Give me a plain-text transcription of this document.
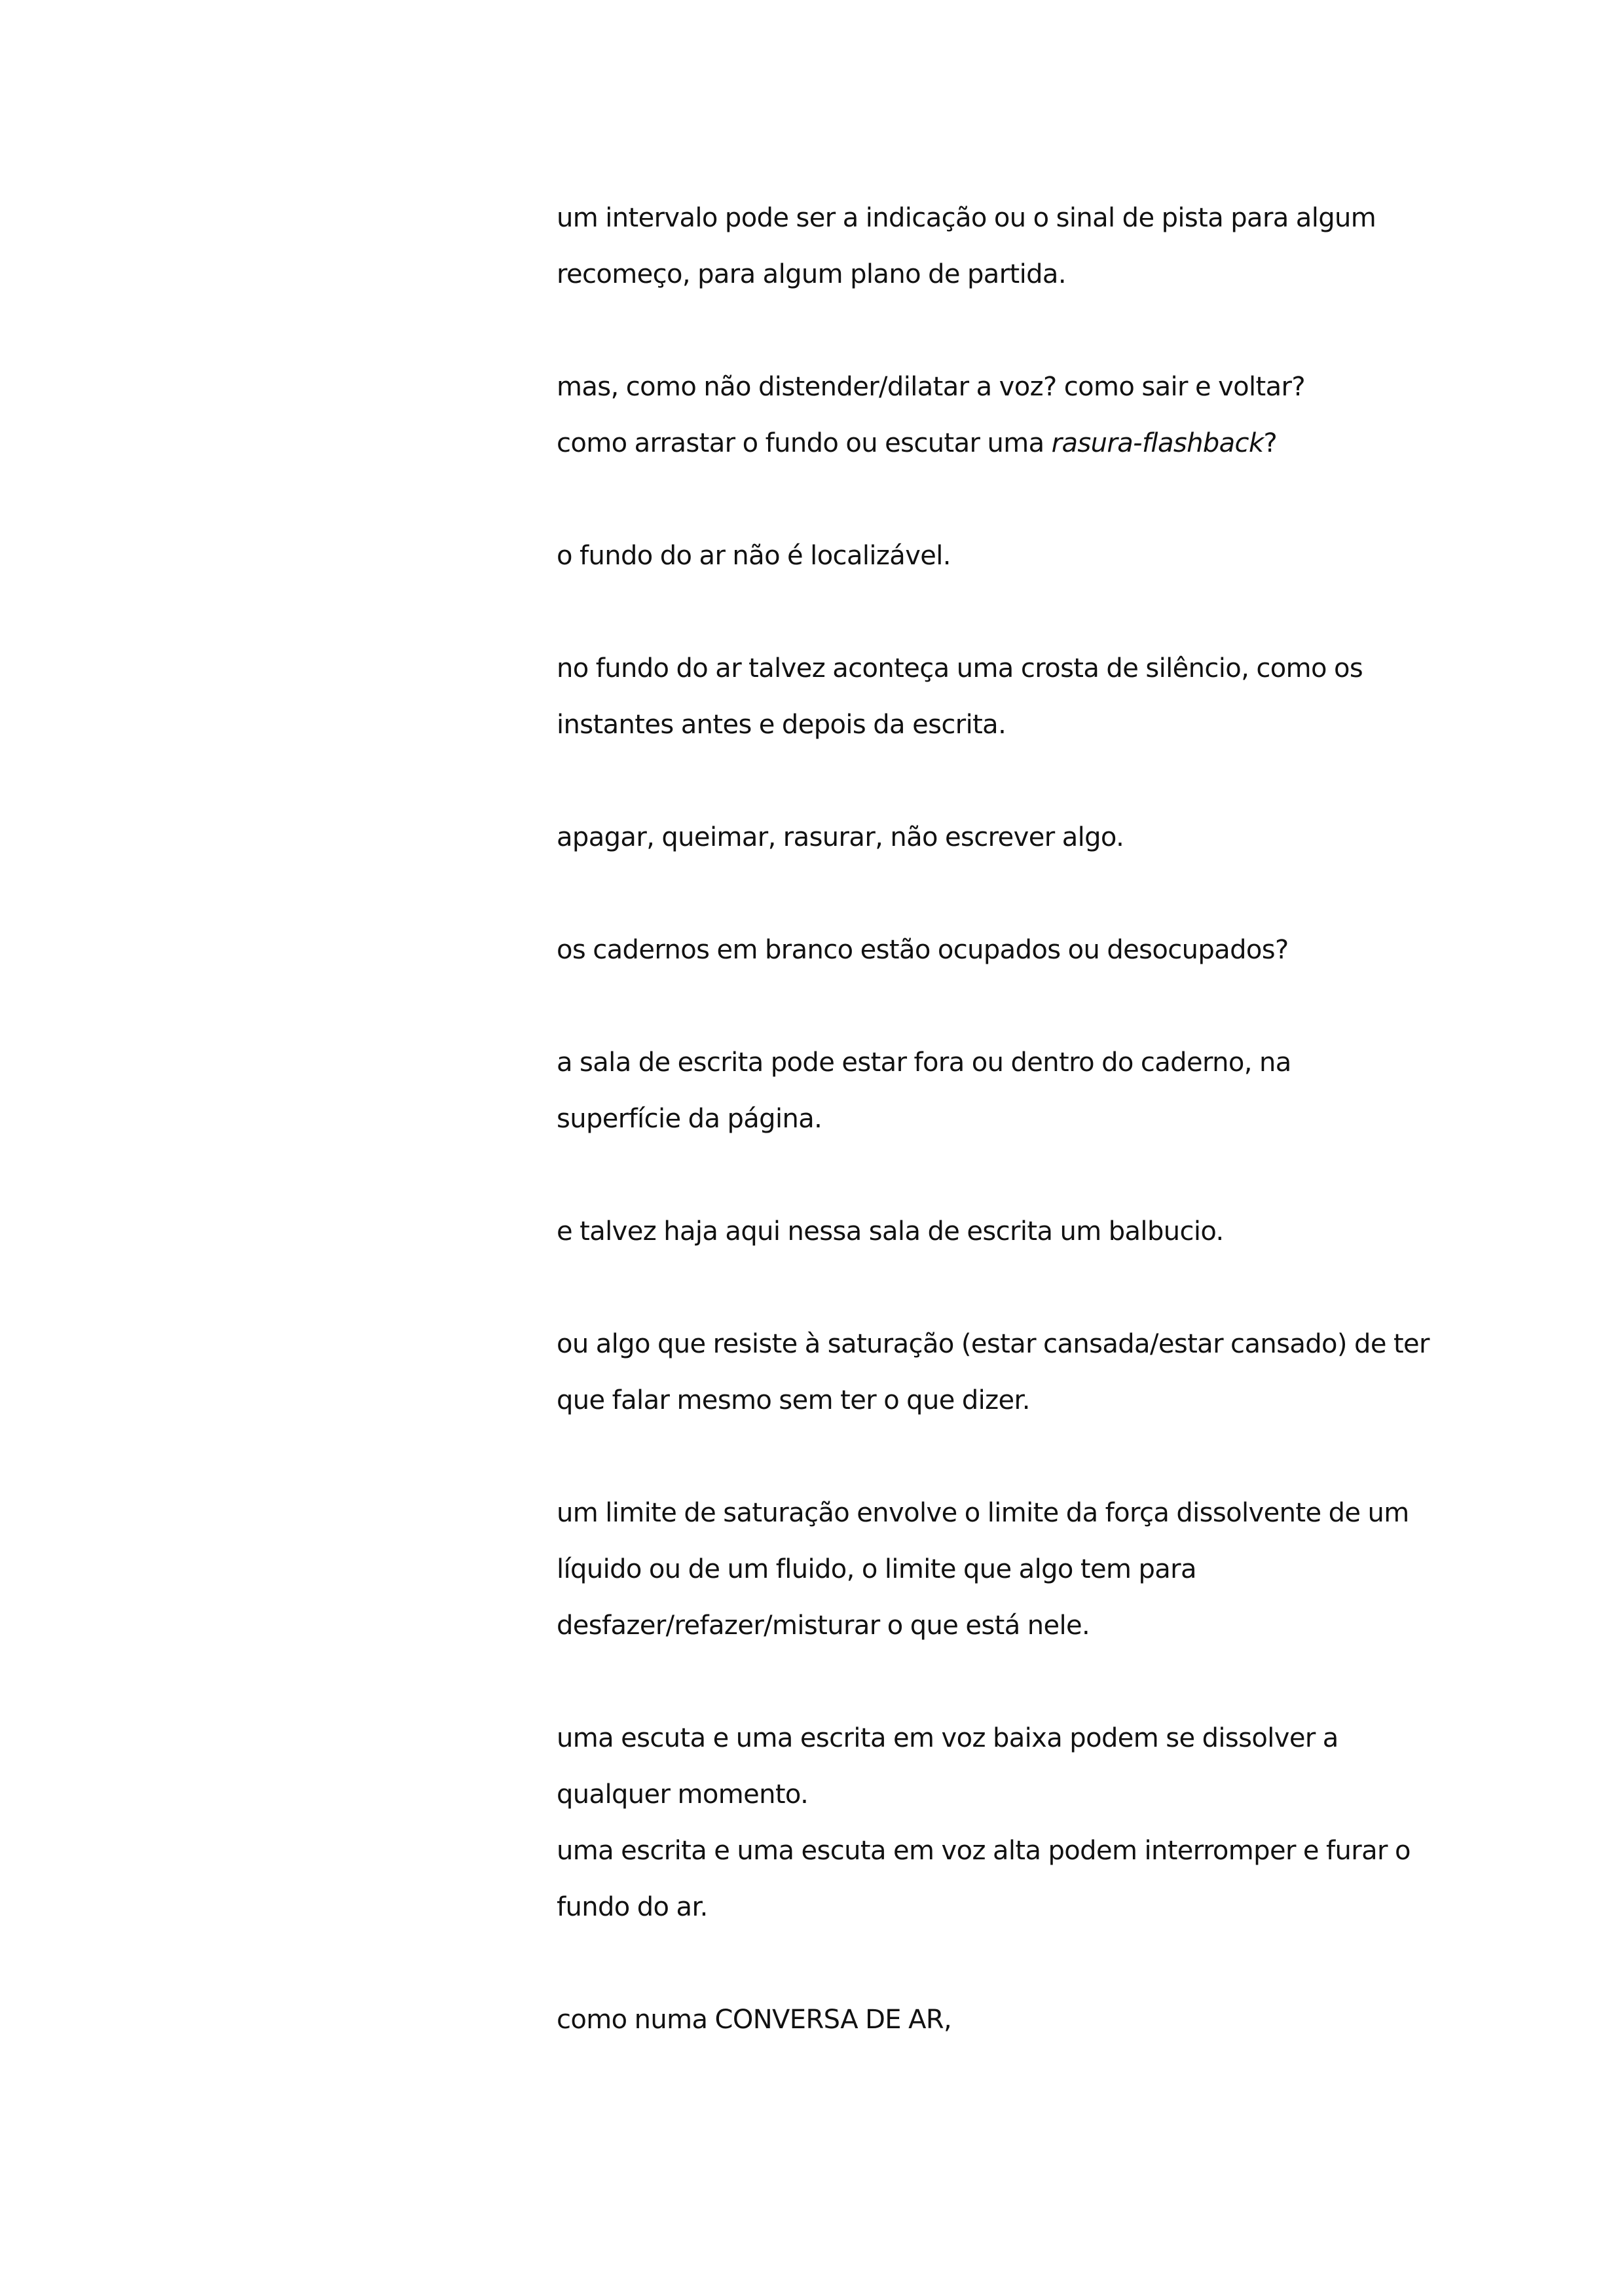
um intervalo pode ser a indicação ou o sinal de pista para algum
recomeço, para algum plano de partida.
mas, como não distender/dilatar a voz? como sair e voltar?
como arrastar o fundo ou escutar uma rasura-flashback?
o fundo do ar não é localizável.
no fundo do ar talvez aconteça uma crosta de silêncio, como os
instantes antes e depois da escrita.
apagar, queimar, rasurar, não escrever algo.
os cadernos em branco estão ocupados ou desocupados?
a sala de escrita pode estar fora ou dentro do caderno, na
superfície da página.
e talvez haja aqui nessa sala de escrita um balbucio.
ou algo que resiste à saturação (estar cansada/estar cansado) de ter
que falar mesmo sem ter o que dizer.
um limite de saturação envolve o limite da força dissolvente de um
líquido ou de um fluido, o limite que algo tem para
desfazer/refazer/misturar o que está nele.
uma escuta e uma escrita em voz baixa podem se dissolver a
qualquer momento.
uma escrita e uma escuta em voz alta podem interromper e furar o
fundo do ar.
como numa CONVERSA DE AR,
